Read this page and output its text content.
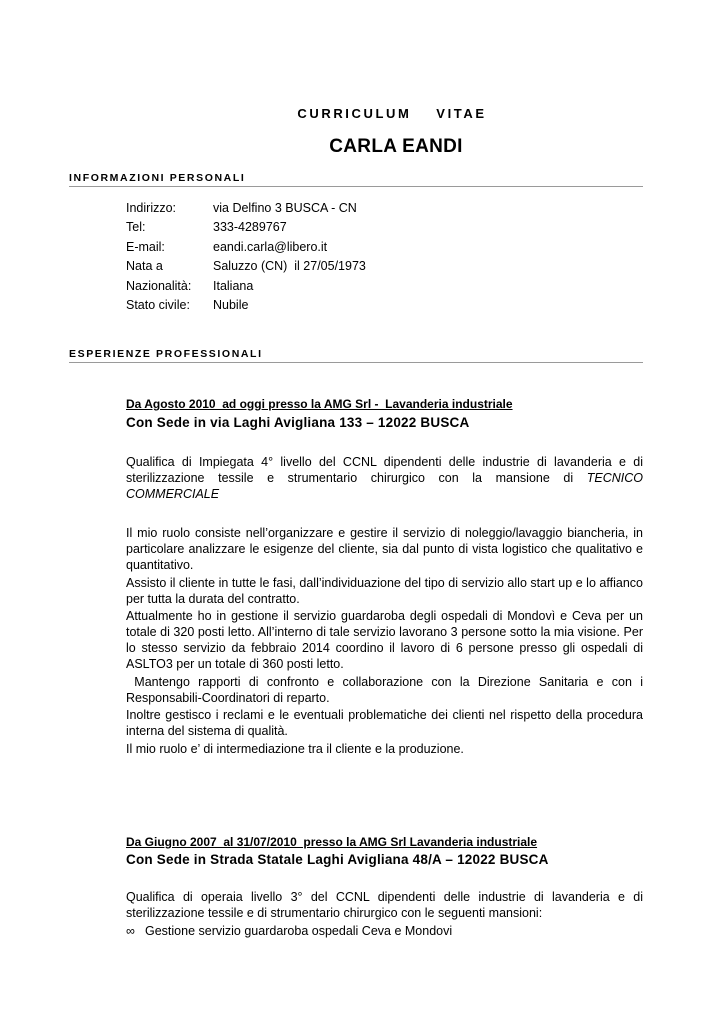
CURRICULUM    VITAE
CARLA EANDI
INFORMAZIONI PERSONALI
Indirizzo:	via Delfino 3 BUSCA - CN
Tel:	333-4289767
E-mail:	eandi.carla@libero.it
Nata a	Saluzzo (CN)  il 27/05/1973
Nazionalità:	Italiana
Stato civile:	Nubile
ESPERIENZE PROFESSIONALI
Da Agosto 2010  ad oggi presso la AMG Srl -  Lavanderia industriale
Con Sede in via Laghi Avigliana 133 – 12022 BUSCA
Qualifica di Impiegata 4° livello del CCNL dipendenti delle industrie di lavanderia e di sterilizzazione tessile e strumentario chirurgico con la mansione di TECNICO COMMERCIALE

Il mio ruolo consiste nell’organizzare e gestire il servizio di noleggio/lavaggio biancheria, in particolare analizzare le esigenze del cliente, sia dal punto di vista logistico che qualitativo e quantitativo.

Assisto il cliente in tutte le fasi, dall’individuazione del tipo di servizio allo start up e lo affianco per tutta la durata del contratto.

Attualmente ho in gestione il servizio guardaroba degli ospedali di Mondovì e Ceva per un totale di 320 posti letto. All’interno di tale servizio lavorano 3 persone sotto la mia visione. Per lo stesso servizio da febbraio 2014 coordino il lavoro di 6 persone presso gli ospedali di ASLTO3 per un totale di 360 posti letto.

Mantengo rapporti di confronto e collaborazione con la Direzione Sanitaria e con i Responsabili-Coordinatori di reparto.

Inoltre gestisco i reclami e le eventuali problematiche dei clienti nel rispetto della procedura interna del sistema di qualità.

Il mio ruolo e’ di intermediazione tra il cliente e la produzione.

Da Giugno 2007  al 31/07/2010  presso la AMG Srl Lavanderia industriale
Con Sede in Strada Statale Laghi Avigliana 48/A – 12022 BUSCA

Qualifica di operaia livello 3° del CCNL dipendenti delle industrie di lavanderia e di sterilizzazione tessile e di strumentario chirurgico con le seguenti mansioni:

∞ Gestione servizio guardaroba ospedali Ceva e Mondovi
